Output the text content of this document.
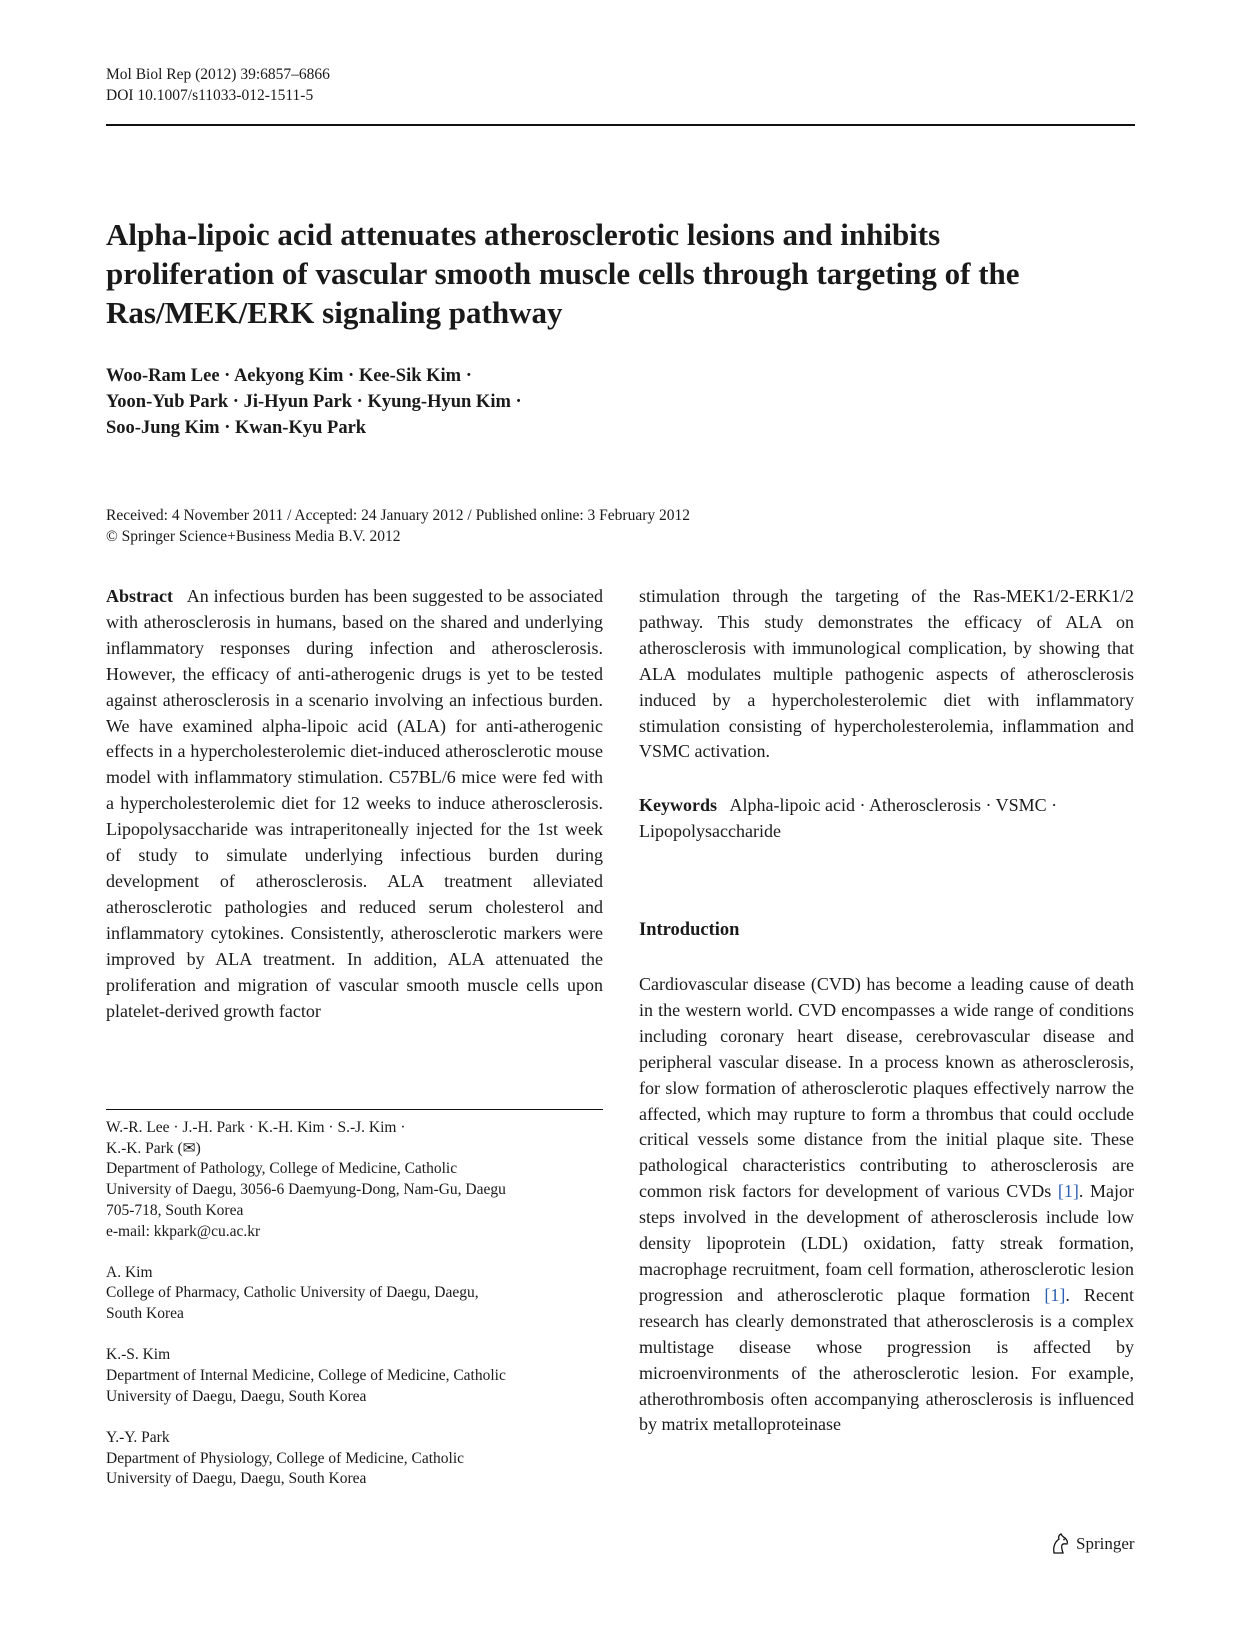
Mol Biol Rep (2012) 39:6857–6866
DOI 10.1007/s11033-012-1511-5
Alpha-lipoic acid attenuates atherosclerotic lesions and inhibits proliferation of vascular smooth muscle cells through targeting of the Ras/MEK/ERK signaling pathway
Woo-Ram Lee · Aekyong Kim · Kee-Sik Kim ·
Yoon-Yub Park · Ji-Hyun Park · Kyung-Hyun Kim ·
Soo-Jung Kim · Kwan-Kyu Park
Received: 4 November 2011 / Accepted: 24 January 2012 / Published online: 3 February 2012
© Springer Science+Business Media B.V. 2012

Abstract An infectious burden has been suggested to be associated with atherosclerosis in humans, based on the shared and underlying inflammatory responses during infection and atherosclerosis. However, the efficacy of anti-atherogenic drugs is yet to be tested against atherosclerosis in a scenario involving an infectious burden. We have examined alpha-lipoic acid (ALA) for anti-atherogenic effects in a hypercholesterolemic diet-induced atherosclerotic mouse model with inflammatory stimulation. C57BL/6 mice were fed with a hypercholesterolemic diet for 12 weeks to induce atherosclerosis. Lipopolysaccharide was intraperitoneally injected for the 1st week of study to simulate underlying infectious burden during development of atherosclerosis. ALA treatment alleviated atherosclerotic pathologies and reduced serum cholesterol and inflammatory cytokines. Consistently, atherosclerotic markers were improved by ALA treatment. In addition, ALA attenuated the proliferation and migration of vascular smooth muscle cells upon platelet-derived growth factor

stimulation through the targeting of the Ras-MEK1/2-ERK1/2 pathway. This study demonstrates the efficacy of ALA on atherosclerosis with immunological complication, by showing that ALA modulates multiple pathogenic aspects of atherosclerosis induced by a hypercholesterolemic diet with inflammatory stimulation consisting of hypercholesterolemia, inflammation and VSMC activation.

Keywords Alpha-lipoic acid · Atherosclerosis · VSMC · Lipopolysaccharide

Introduction

Cardiovascular disease (CVD) has become a leading cause of death in the western world. CVD encompasses a wide range of conditions including coronary heart disease, cerebrovascular disease and peripheral vascular disease. In a process known as atherosclerosis, for slow formation of atherosclerotic plaques effectively narrow the affected, which may rupture to form a thrombus that could occlude critical vessels some distance from the initial plaque site. These pathological characteristics contributing to atherosclerosis are common risk factors for development of various CVDs [1]. Major steps involved in the development of atherosclerosis include low density lipoprotein (LDL) oxidation, fatty streak formation, macrophage recruitment, foam cell formation, atherosclerotic lesion progression and atherosclerotic plaque formation [1]. Recent research has clearly demonstrated that atherosclerosis is a complex multistage disease whose progression is affected by microenvironments of the atherosclerotic lesion. For example, atherothrombosis often accompanying atherosclerosis is influenced by matrix metalloproteinase

W.-R. Lee · J.-H. Park · K.-H. Kim · S.-J. Kim ·
K.-K. Park (✉)
Department of Pathology, College of Medicine, Catholic
University of Daegu, 3056-6 Daemyung-Dong, Nam-Gu, Daegu
705-718, South Korea
e-mail: kkpark@cu.ac.kr
A. Kim
College of Pharmacy, Catholic University of Daegu, Daegu,
South Korea
K.-S. Kim
Department of Internal Medicine, College of Medicine, Catholic
University of Daegu, Daegu, South Korea
Y.-Y. Park
Department of Physiology, College of Medicine, Catholic
University of Daegu, Daegu, South Korea
Springer
